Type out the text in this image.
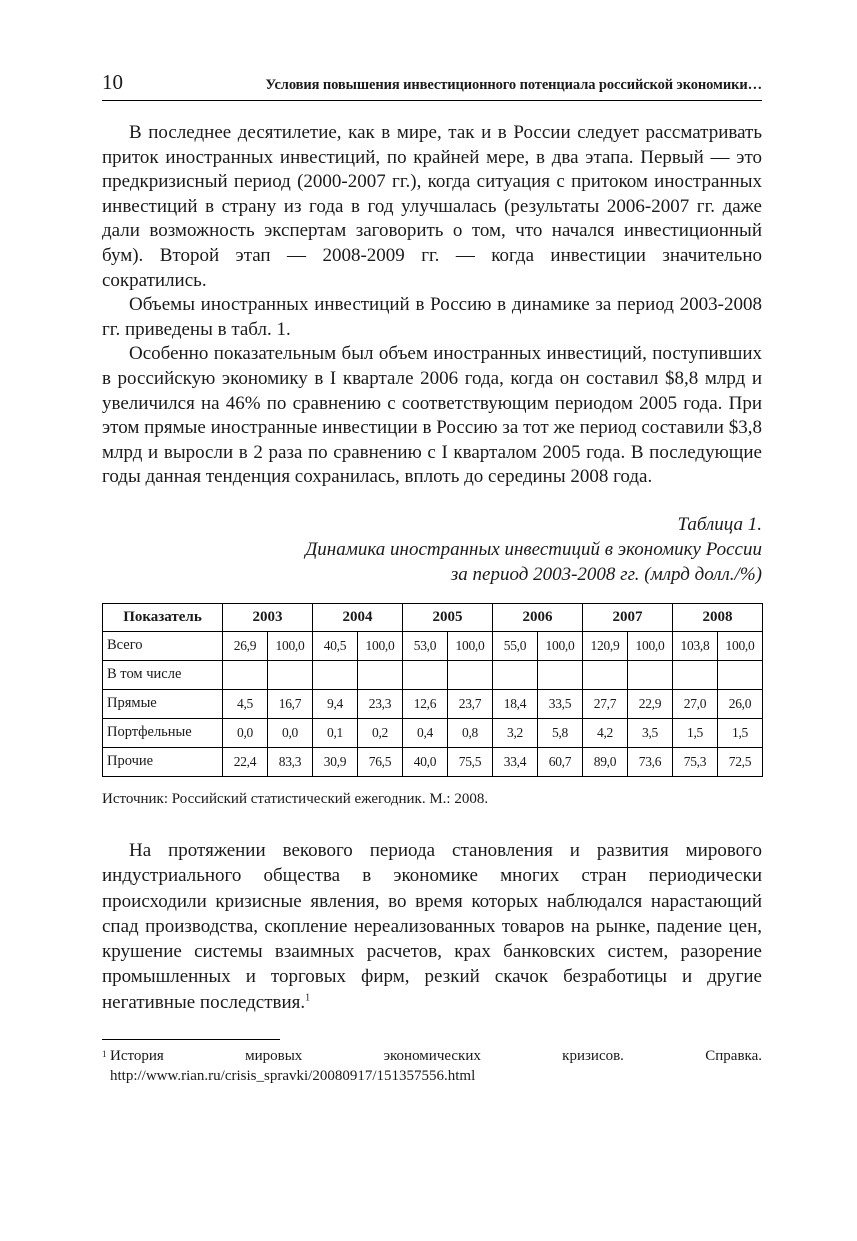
10	Условия повышения инвестиционного потенциала российской экономики…

В последнее десятилетие, как в мире, так и в России следует рассматривать приток иностранных инвестиций, по крайней мере, в два этапа. Первый — это предкризисный период (2000-2007 гг.), когда ситуация с притоком иностранных инвестиций в страну из года в год улучшалась (результаты 2006-2007 гг. даже дали возможность экспертам заговорить о том, что начался инвестиционный бум). Второй этап — 2008-2009 гг. — когда инвестиции значительно сократились.

Объемы иностранных инвестиций в Россию в динамике за период 2003-2008 гг. приведены в табл. 1.

Особенно показательным был объем иностранных инвестиций, поступивших в российскую экономику в I квартале 2006 года, когда он составил $8,8 млрд и увеличился на 46% по сравнению с соответствующим периодом 2005 года. При этом прямые иностранные инвестиции в Россию за тот же период составили $3,8 млрд и выросли в 2 раза по сравнению с I кварталом 2005 года. В последующие годы данная тенденция сохранилась, вплоть до середины 2008 года.

Таблица 1.
Динамика иностранных инвестиций в экономику России
за период 2003-2008 гг. (млрд долл./%)
Показатель	2003		2004		2005		2006		2007		2008	
Всего	26,9	100,0	40,5	100,0	53,0	100,0	55,0	100,0	120,9	100,0	103,8	100,0
В том числе												
Прямые	4,5	16,7	9,4	23,3	12,6	23,7	18,4	33,5	27,7	22,9	27,0	26,0
Портфельные	0,0	0,0	0,1	0,2	0,4	0,8	3,2	5,8	4,2	3,5	1,5	1,5
Прочие	22,4	83,3	30,9	76,5	40,0	75,5	33,4	60,7	89,0	73,6	75,3	72,5
Источник: Российский статистический ежегодник. М.: 2008.

На протяжении векового периода становления и развития мирового индустриального общества в экономике многих стран периодически происходили кризисные явления, во время которых наблюдался нарастающий спад производства, скопление нереализованных товаров на рынке, падение цен, крушение системы взаимных расчетов, крах банковских систем, разорение промышленных и торговых фирм, резкий скачок безработицы и другие негативные последствия.$^1$

1 История мировых экономических кризисов. Справка. http://www.rian.ru/crisis_spravki/20080917/151357556.html
